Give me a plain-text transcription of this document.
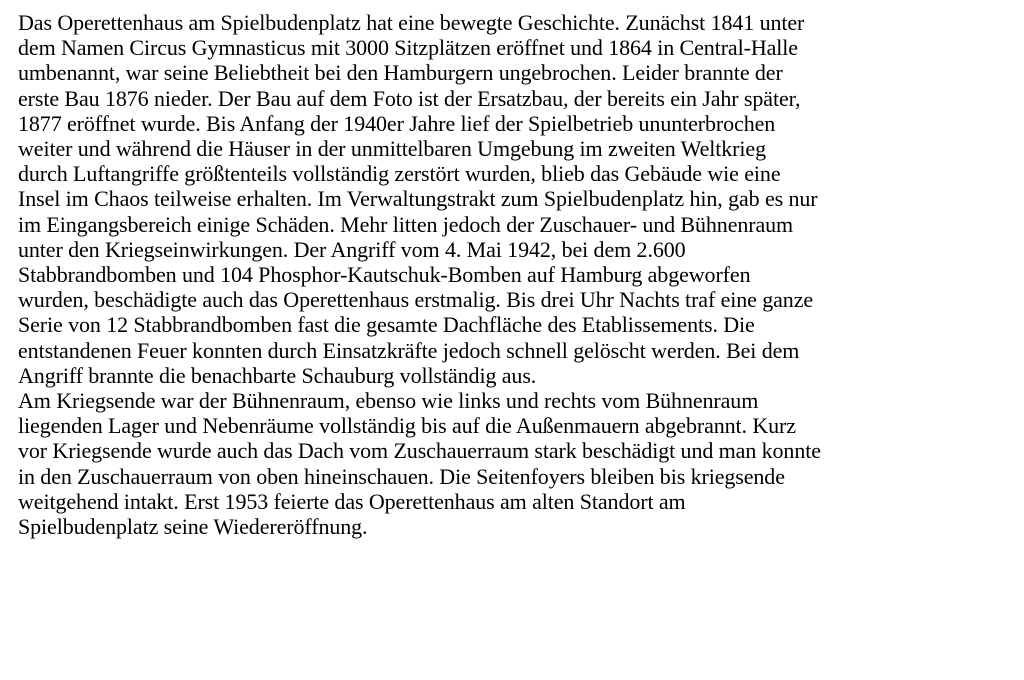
Das Operettenhaus am Spielbudenplatz hat eine bewegte Geschichte. Zunächst 1841 unter
dem Namen Circus Gymnasticus mit 3000 Sitzplätzen eröffnet und 1864 in Central-Halle
umbenannt, war seine Beliebtheit bei den Hamburgern ungebrochen. Leider brannte der
erste Bau 1876 nieder. Der Bau auf dem Foto ist der Ersatzbau, der bereits ein Jahr später,
1877 eröffnet wurde. Bis Anfang der 1940er Jahre lief der Spielbetrieb ununterbrochen
weiter und während die Häuser in der unmittelbaren Umgebung im zweiten Weltkrieg
durch Luftangriffe größtenteils vollständig zerstört wurden, blieb das Gebäude wie eine
Insel im Chaos teilweise erhalten. Im Verwaltungstrakt zum Spielbudenplatz hin, gab es nur
im Eingangsbereich einige Schäden. Mehr litten jedoch der Zuschauer- und Bühnenraum
unter den Kriegseinwirkungen. Der Angriff vom 4. Mai 1942, bei dem 2.600
Stabbrandbomben und 104 Phosphor-Kautschuk-Bomben auf Hamburg abgeworfen
wurden, beschädigte auch das Operettenhaus erstmalig. Bis drei Uhr Nachts traf eine ganze
Serie von 12 Stabbrandbomben fast die gesamte Dachfläche des Etablissements. Die
entstandenen Feuer konnten durch Einsatzkräfte jedoch schnell gelöscht werden. Bei dem
Angriff brannte die benachbarte Schauburg vollständig aus.
Am Kriegsende war der Bühnenraum, ebenso wie links und rechts vom Bühnenraum
liegenden Lager und Nebenräume vollständig bis auf die Außenmauern abgebrannt. Kurz
vor Kriegsende wurde auch das Dach vom Zuschauerraum stark beschädigt und man konnte
in den Zuschauerraum von oben hineinschauen. Die Seitenfoyers bleiben bis kriegsende
weitgehend intakt. Erst 1953 feierte das Operettenhaus am alten Standort am
Spielbudenplatz seine Wiedereröffnung.
